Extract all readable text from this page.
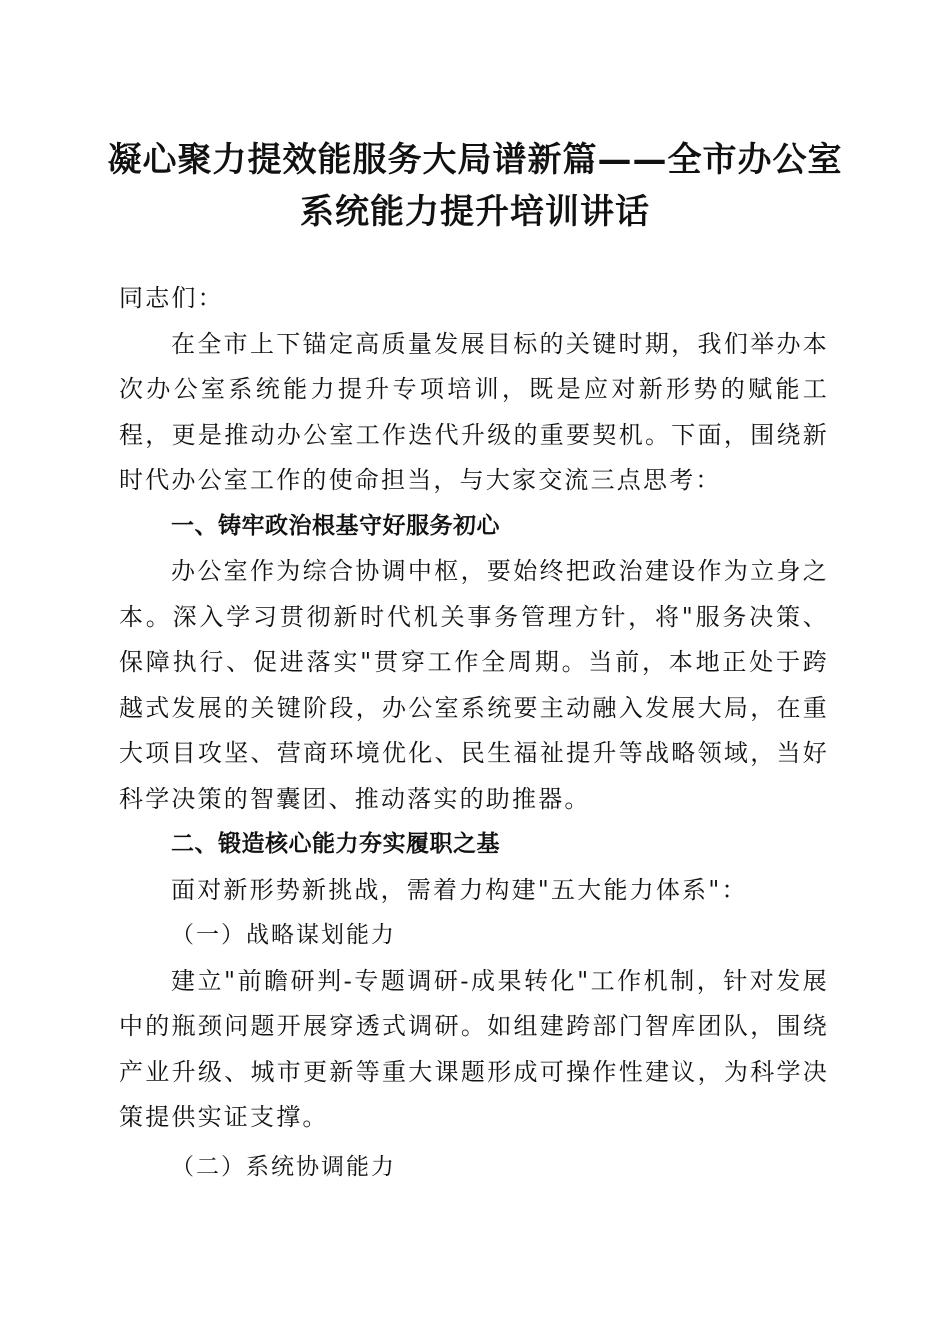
凝心聚力提效能服务大局谱新篇——全市办公室系统能力提升培训讲话

同志们：

在全市上下锚定高质量发展目标的关键时期，我们举办本次办公室系统能力提升专项培训，既是应对新形势的赋能工程，更是推动办公室工作迭代升级的重要契机。下面，围绕新时代办公室工作的使命担当，与大家交流三点思考：

一、铸牢政治根基守好服务初心

办公室作为综合协调中枢，要始终把政治建设作为立身之本。深入学习贯彻新时代机关事务管理方针，将"服务决策、保障执行、促进落实"贯穿工作全周期。当前，本地正处于跨越式发展的关键阶段，办公室系统要主动融入发展大局，在重大项目攻坚、营商环境优化、民生福祉提升等战略领域，当好科学决策的智囊团、推动落实的助推器。

二、锻造核心能力夯实履职之基

面对新形势新挑战，需着力构建"五大能力体系"：

（一）战略谋划能力

建立"前瞻研判-专题调研-成果转化"工作机制，针对发展中的瓶颈问题开展穿透式调研。如组建跨部门智库团队，围绕产业升级、城市更新等重大课题形成可操作性建议，为科学决策提供实证支撑。

（二）系统协调能力
